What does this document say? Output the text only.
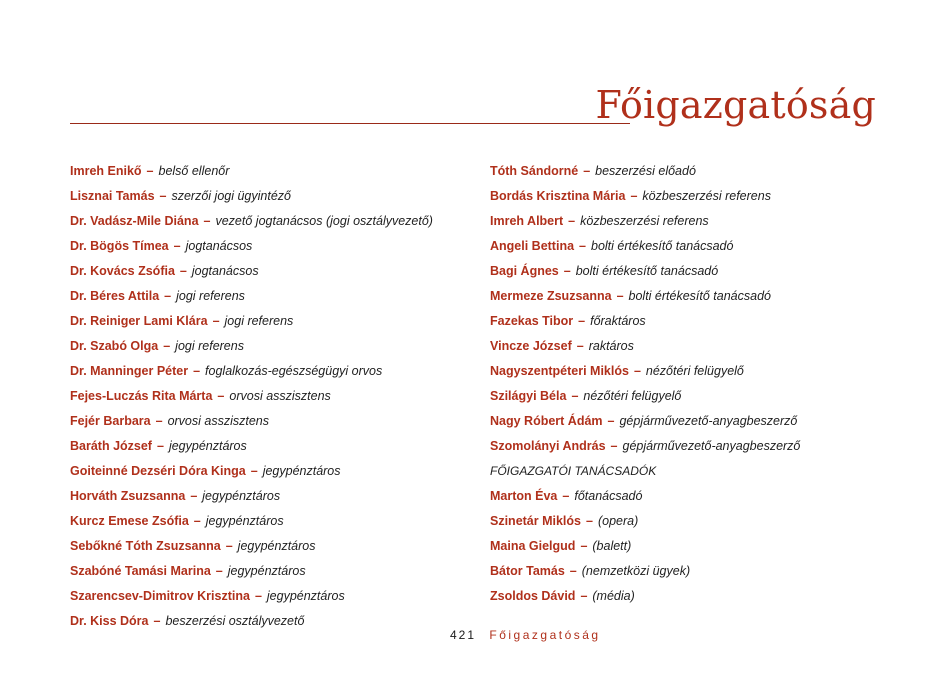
Főigazgatóság
Imreh Enikő – belső ellenőr
Lisznai Tamás – szerzői jogi ügyintéző
Dr. Vadász-Mile Diána – vezető jogtanácsos (jogi osztályvezető)
Dr. Bögös Tímea – jogtanácsos
Dr. Kovács Zsófia – jogtanácsos
Dr. Béres Attila – jogi referens
Dr. Reiniger Lami Klára – jogi referens
Dr. Szabó Olga – jogi referens
Dr. Manninger Péter – foglalkozás-egészségügyi orvos
Fejes-Luczás Rita Márta – orvosi asszisztens
Fejér Barbara – orvosi asszisztens
Baráth József – jegypénztáros
Goiteinné Dezséri Dóra Kinga – jegypénztáros
Horváth Zsuzsanna – jegypénztáros
Kurcz Emese Zsófia – jegypénztáros
Sebőkné Tóth Zsuzsanna – jegypénztáros
Szabóné Tamási Marina – jegypénztáros
Szarencsev-Dimitrov Krisztina – jegypénztáros
Dr. Kiss Dóra – beszerzési osztályvezető
Tóth Sándorné – beszerzési előadó
Bordás Krisztina Mária – közbeszerzési referens
Imreh Albert – közbeszerzési referens
Angeli Bettina – bolti értékesítő tanácsadó
Bagi Ágnes – bolti értékesítő tanácsadó
Mermeze Zsuzsanna – bolti értékesítő tanácsadó
Fazekas Tibor – főraktáros
Vincze József – raktáros
Nagyszentpéteri Miklós – nézőtéri felügyelő
Szilágyi Béla – nézőtéri felügyelő
Nagy Róbert Ádám – gépjárművezető-anyagbeszerző
Szomolányi András – gépjárművezető-anyagbeszerző
FŐIGAZGATÓI TANÁCSADÓK
Marton Éva – főtanácsadó
Szinetár Miklós – (opera)
Maina Gielgud – (balett)
Bátor Tamás – (nemzetközi ügyek)
Zsoldos Dávid – (média)
421 Főigazgatóság
